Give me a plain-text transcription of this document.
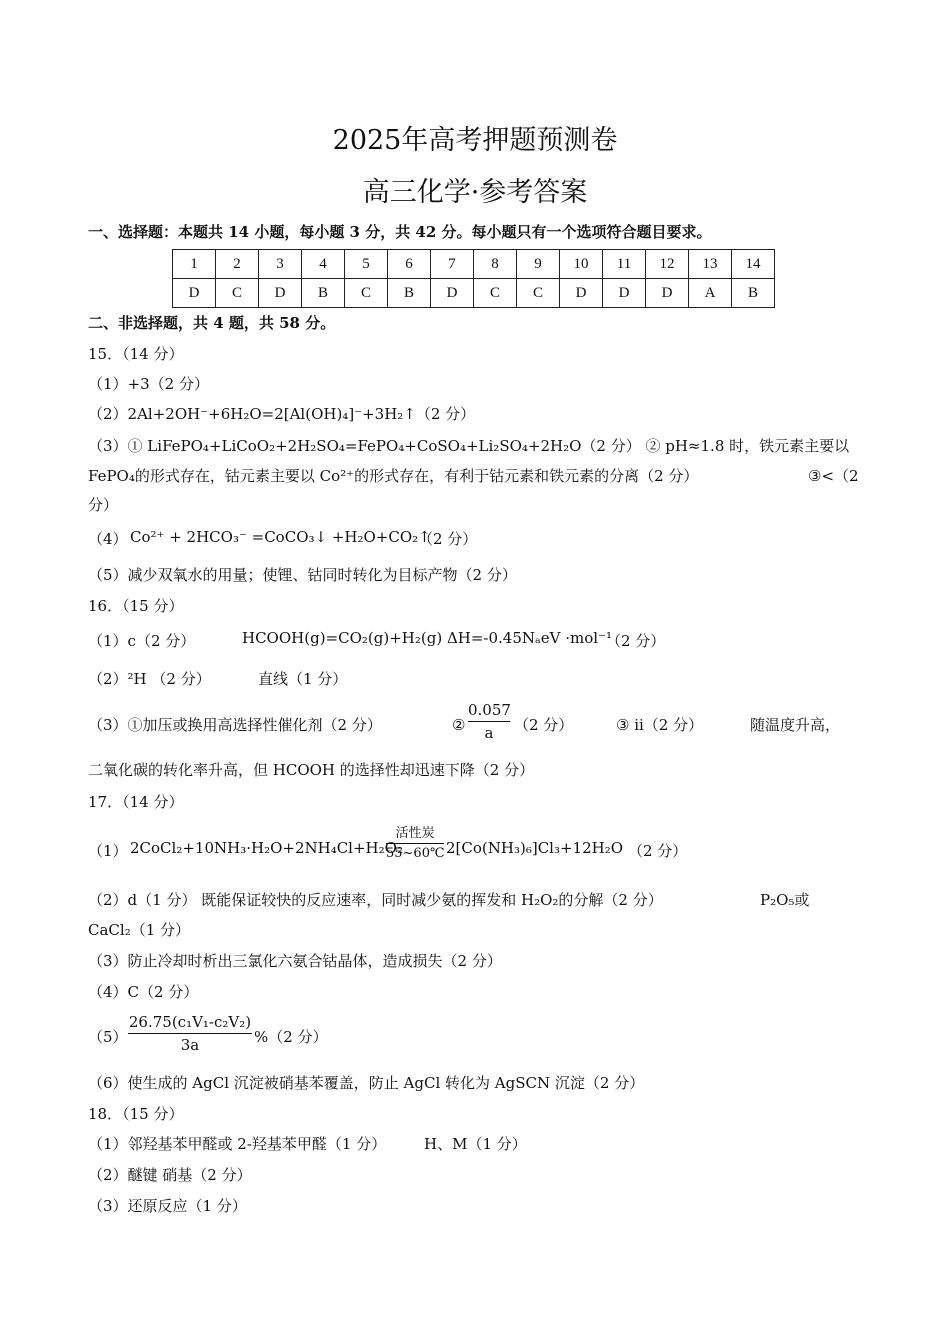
2025年高考押题预测卷
高三化学·参考答案
一、选择题：本题共 14 小题，每小题 3 分，共 42 分。每小题只有一个选项符合题目要求。
1	2	3	4	5	6	7	8	9	10	11	12	13	14
D	C	D	B	C	B	D	C	C	D	D	D	A	B
二、非选择题，共 4 题，共 58 分。
15．（14 分）
（1）+3（2 分）
（2）2Al+2OH⁻+6H₂O=2[Al(OH)₄]⁻+3H₂↑（2 分）
（3）① LiFePO₄+LiCoO₂+2H₂SO₄=FePO₄+CoSO₄+Li₂SO₄+2H₂O（2 分） ② pH≈1.8 时，铁元素主要以
FePO₄的形式存在，钴元素主要以 Co²⁺的形式存在，有利于钴元素和铁元素的分离（2 分）	③<（2
分）
（4） Co²⁺ + 2HCO₃⁻ =CoCO₃↓ +H₂O+CO₂↑
（2 分）
（5）减少双氧水的用量；使锂、钴同时转化为目标产物（2 分）
16．（15 分）
（1）c（2 分）	HCOOH(g)=CO₂(g)+H₂(g) ΔH=-0.45NₐeV ·mol⁻¹
（2 分）
（2）²H （2 分）	直线（1 分）
（3）①加压或换用高选择性催化剂（2 分）	②
0.057
a	（2 分）	③ ii（2 分）	随温度升高，
二氧化碳的转化率升高，但 HCOOH 的选择性却迅速下降（2 分）
17．（14 分）
（1） 2CoCl₂+10NH₃·H₂O+2NH₄Cl+H₂O₂
活性炭
55~60℃ 2[Co(NH₃)₆]Cl₃+12H₂O （2 分）
（2）d（1 分） 既能保证较快的反应速率，同时减少氨的挥发和 H₂O₂的分解（2 分）	P₂O₅或
CaCl₂（1 分）
（3）防止冷却时析出三氯化六氨合钴晶体，造成损失（2 分）
（4）C（2 分）
（5）
26.75(c₁V₁-c₂V₂)
3a	%（2 分）
（6）使生成的 AgCl 沉淀被硝基苯覆盖，防止 AgCl 转化为 AgSCN 沉淀（2 分）
18．（15 分）
（1）邻羟基苯甲醛或 2-羟基苯甲醛（1 分）	H、M（1 分）
（2）醚键 硝基（2 分）
（3）还原反应（1 分）
